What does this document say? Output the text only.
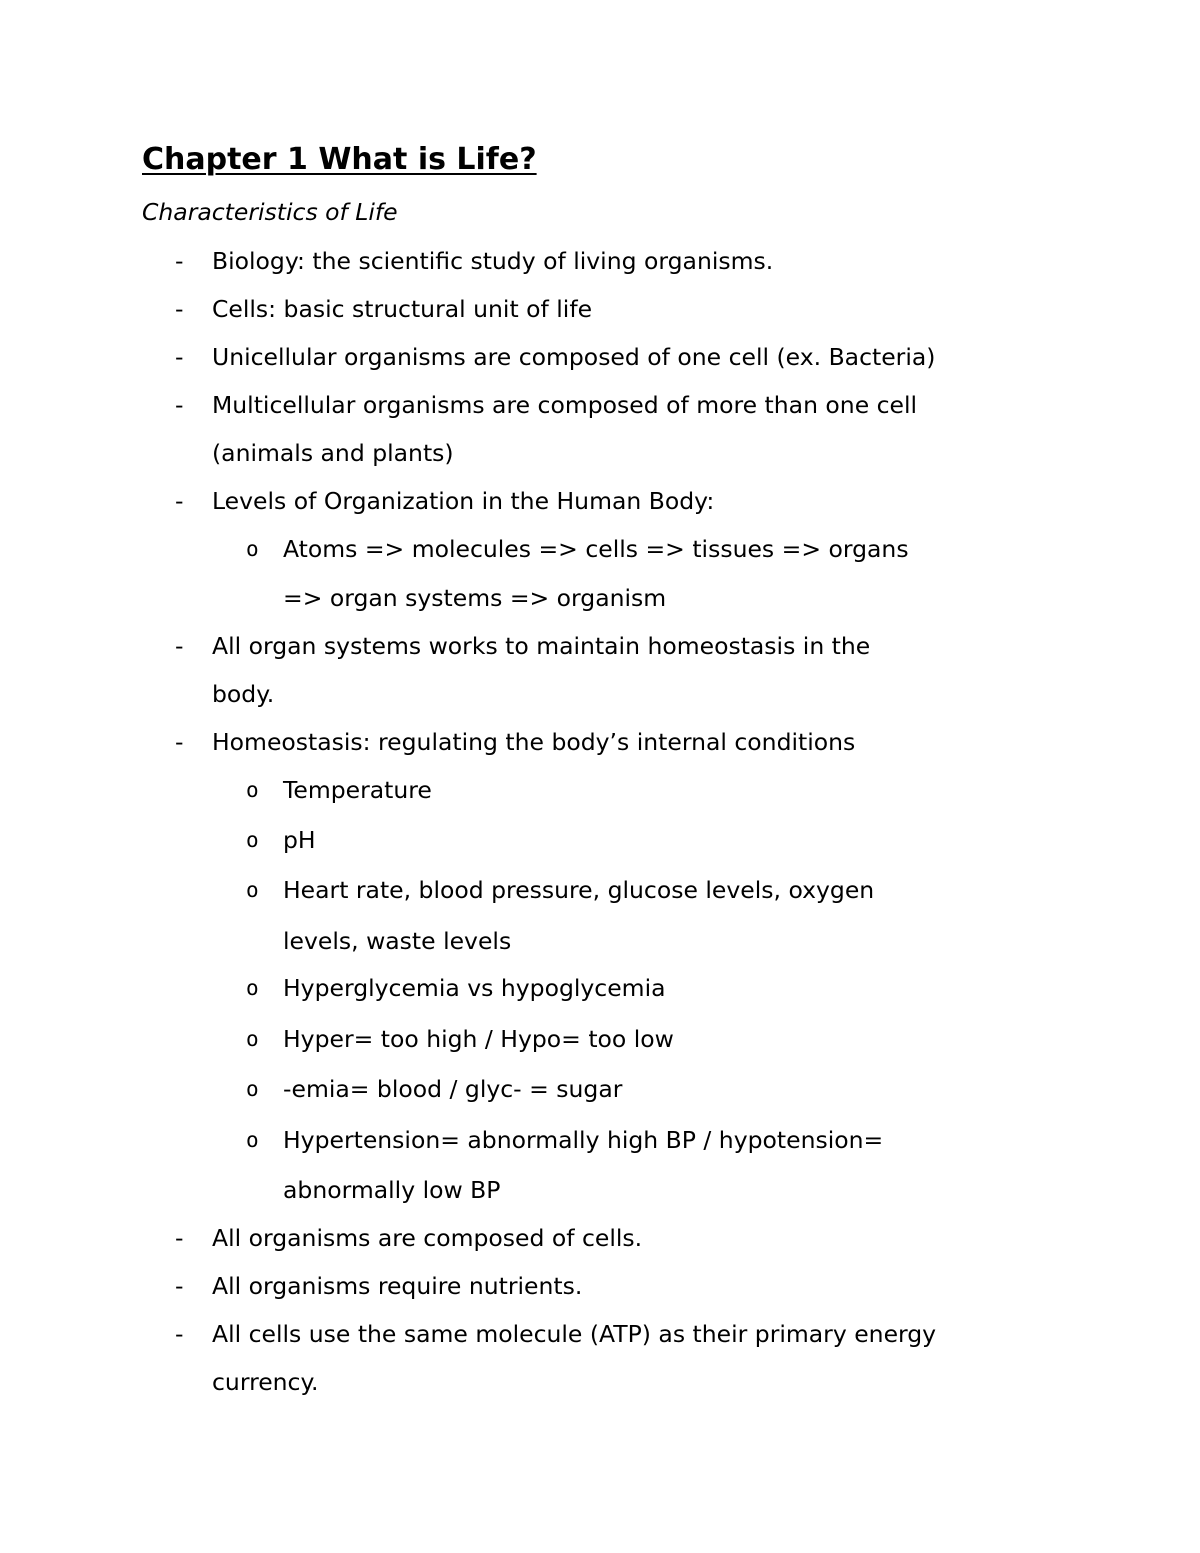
Chapter 1 What is Life?
Characteristics of Life
- Biology: the scientific study of living organisms.
- Cells: basic structural unit of life
- Unicellular organisms are composed of one cell (ex. Bacteria)
- Multicellular organisms are composed of more than one cell
(animals and plants)
- Levels of Organization in the Human Body:
o Atoms => molecules => cells => tissues => organs
=> organ systems => organism
- All organ systems works to maintain homeostasis in the
body.
- Homeostasis: regulating the body’s internal conditions
o Temperature
o pH
o Heart rate, blood pressure, glucose levels, oxygen
levels, waste levels
o Hyperglycemia vs hypoglycemia
o Hyper= too high / Hypo= too low
o -emia= blood / glyc- = sugar
o Hypertension= abnormally high BP / hypotension=
abnormally low BP
- All organisms are composed of cells.
- All organisms require nutrients.
- All cells use the same molecule (ATP) as their primary energy
currency.
